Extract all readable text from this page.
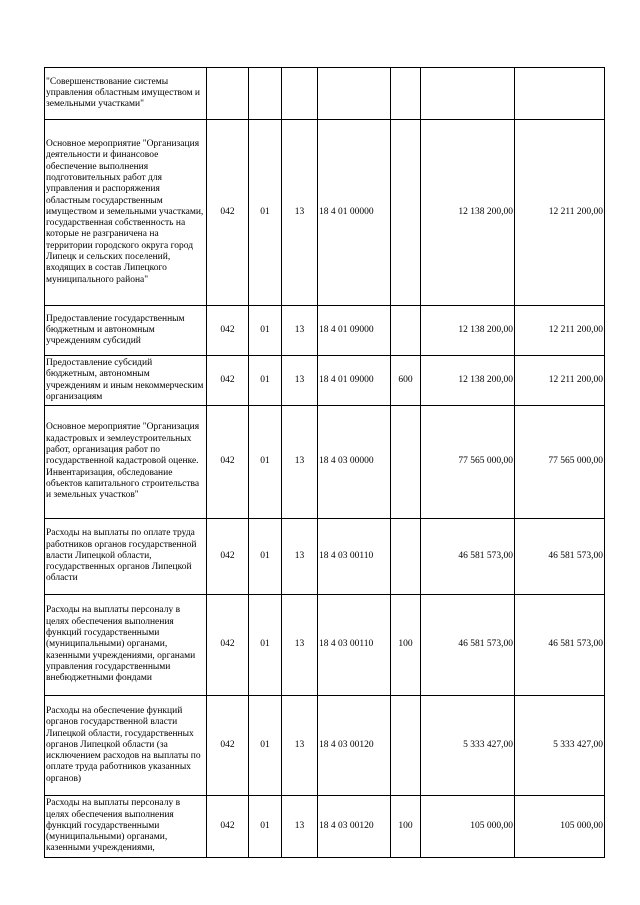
"Совершенствование системы управления областным имуществом и земельными участками"							
Основное мероприятие "Организация деятельности и финансовое обеспечение выполнения подготовительных работ для управления и распоряжения областным государственным имуществом и земельными участками, государственная собственность на которые не разграничена на территории городского округа город Липецк и сельских поселений, входящих в состав Липецкого муниципального района"	042	01	13	18 4 01 00000		12 138 200,00	12 211 200,00
Предоставление государственным бюджетным и автономным учреждениям субсидий	042	01	13	18 4 01 09000		12 138 200,00	12 211 200,00
Предоставление субсидий бюджетным, автономным учреждениям и иным некоммерческим организациям	042	01	13	18 4 01 09000	600	12 138 200,00	12 211 200,00
Основное мероприятие "Организация кадастровых и землеустроительных работ, организация работ по государственной кадастровой оценке. Инвентаризация, обследование объектов капитального строительства и земельных участков"	042	01	13	18 4 03 00000		77 565 000,00	77 565 000,00
Расходы на выплаты по оплате труда работников органов государственной власти Липецкой области, государственных органов Липецкой области	042	01	13	18 4 03 00110		46 581 573,00	46 581 573,00
Расходы на выплаты персоналу в целях обеспечения выполнения функций государственными (муниципальными) органами, казенными учреждениями, органами управления государственными внебюджетными фондами	042	01	13	18 4 03 00110	100	46 581 573,00	46 581 573,00
Расходы на обеспечение функций органов государственной власти Липецкой области, государственных органов Липецкой области (за исключением расходов на выплаты по оплате труда работников указанных органов)	042	01	13	18 4 03 00120		5 333 427,00	5 333 427,00
Расходы на выплаты персоналу в целях обеспечения выполнения функций государственными (муниципальными) органами, казенными учреждениями,	042	01	13	18 4 03 00120	100	105 000,00	105 000,00
